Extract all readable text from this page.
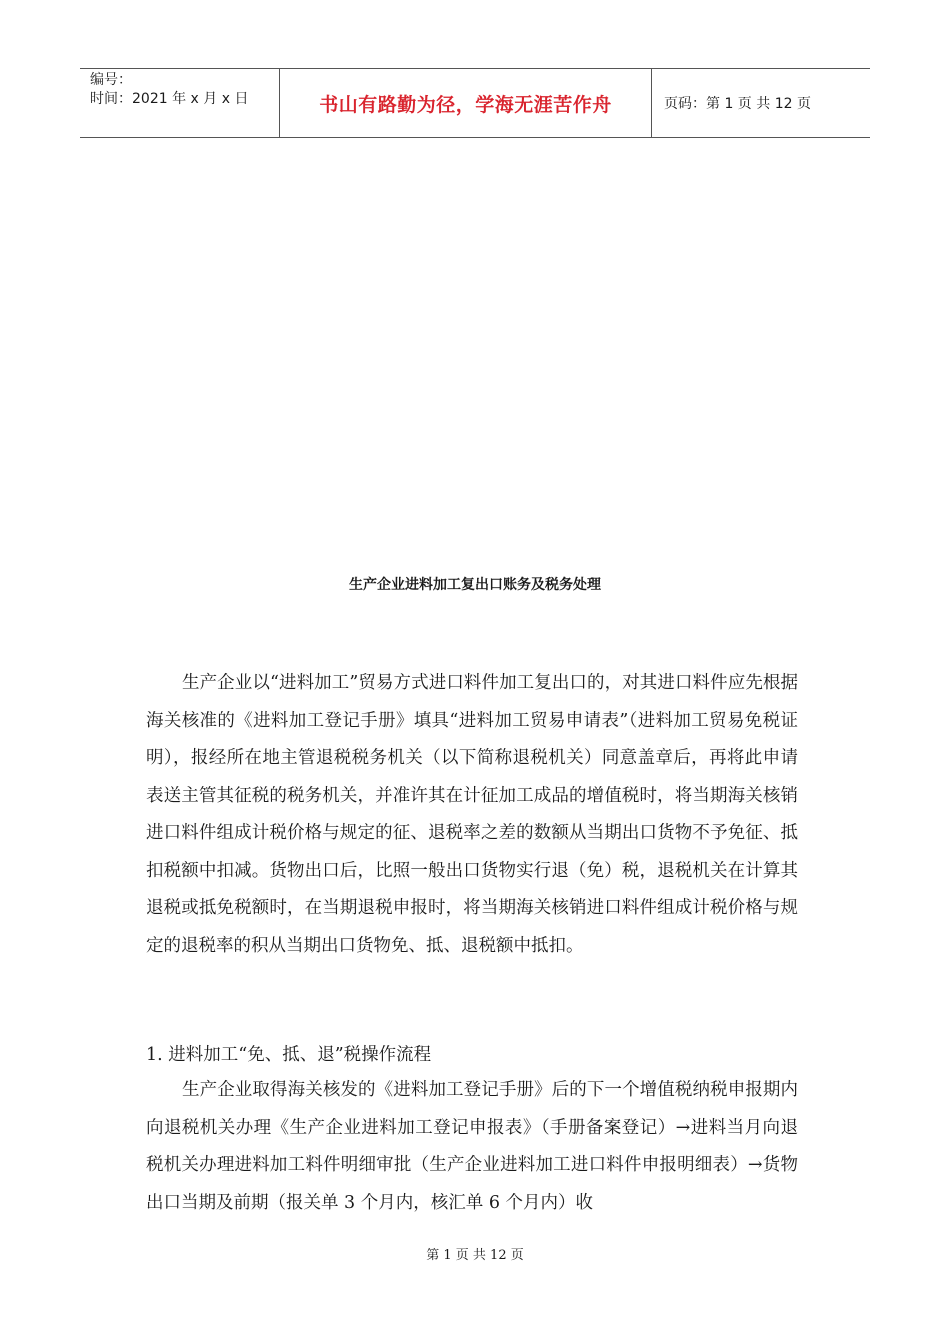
编号：
时间：2021 年 x 月 x 日	书山有路勤为径，学海无涯苦作舟	页码：第 1 页 共 12 页
生产企业进料加工复出口账务及税务处理
生产企业以“进料加工”贸易方式进口料件加工复出口的，对其进口料件应先根据海关核准的《进料加工登记手册》填具“进料加工贸易申请表”（进料加工贸易免税证明），报经所在地主管退税税务机关（以下简称退税机关）同意盖章后，再将此申请表送主管其征税的税务机关，并准许其在计征加工成品的增值税时，将当期海关核销进口料件组成计税价格与规定的征、退税率之差的数额从当期出口货物不予免征、抵扣税额中扣减。货物出口后，比照一般出口货物实行退（免）税，退税机关在计算其退税或抵免税额时，在当期退税申报时，将当期海关核销进口料件组成计税价格与规定的退税率的积从当期出口货物免、抵、退税额中抵扣。
1. 进料加工“免、抵、退”税操作流程
生产企业取得海关核发的《进料加工登记手册》后的下一个增值税纳税申报期内向退税机关办理《生产企业进料加工登记申报表》（手册备案登记）→进料当月向退税机关办理进料加工料件明细审批（生产企业进料加工进口料件申报明细表）→货物出口当期及前期（报关单 3 个月内，核汇单 6 个月内）收
第 1 页 共 12 页
